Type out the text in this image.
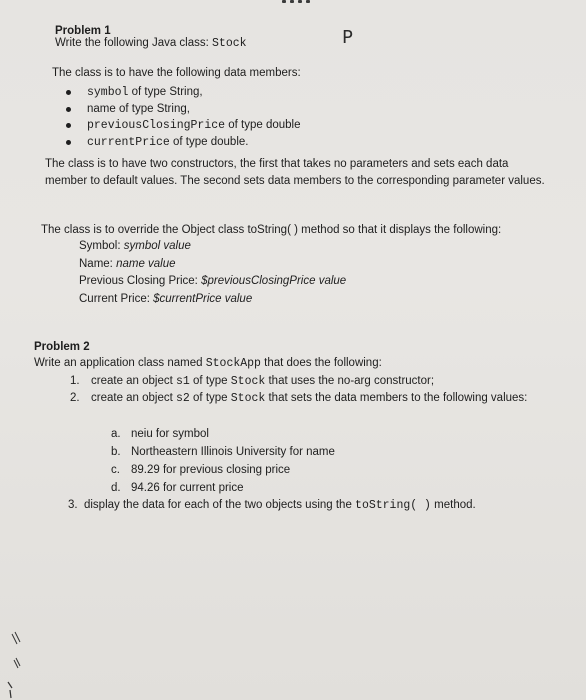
Problem 1
Write the following Java class: Stock	P
The class is to have the following data members:
symbol of type String,
name of type String,
previousClosingPrice of type double
currentPrice of type double.
The class is to have two constructors, the first that takes no parameters and sets each data member to default values. The second sets data members to the corresponding parameter values.
The class is to override the Object class toString( ) method so that it displays the following:
Symbol: symbol value
Name: name value
Previous Closing Price: $previousClosingPrice value
Current Price: $currentPrice value
Problem 2
Write an application class named StockApp that does the following:
1. create an object s1 of type Stock that uses the no-arg constructor;
2. create an object s2 of type Stock that sets the data members to the following values:
a. neiu for symbol
b. Northeastern Illinois University for name
c. 89.29 for previous closing price
d. 94.26 for current price
3. display the data for each of the two objects using the toString( ) method.
